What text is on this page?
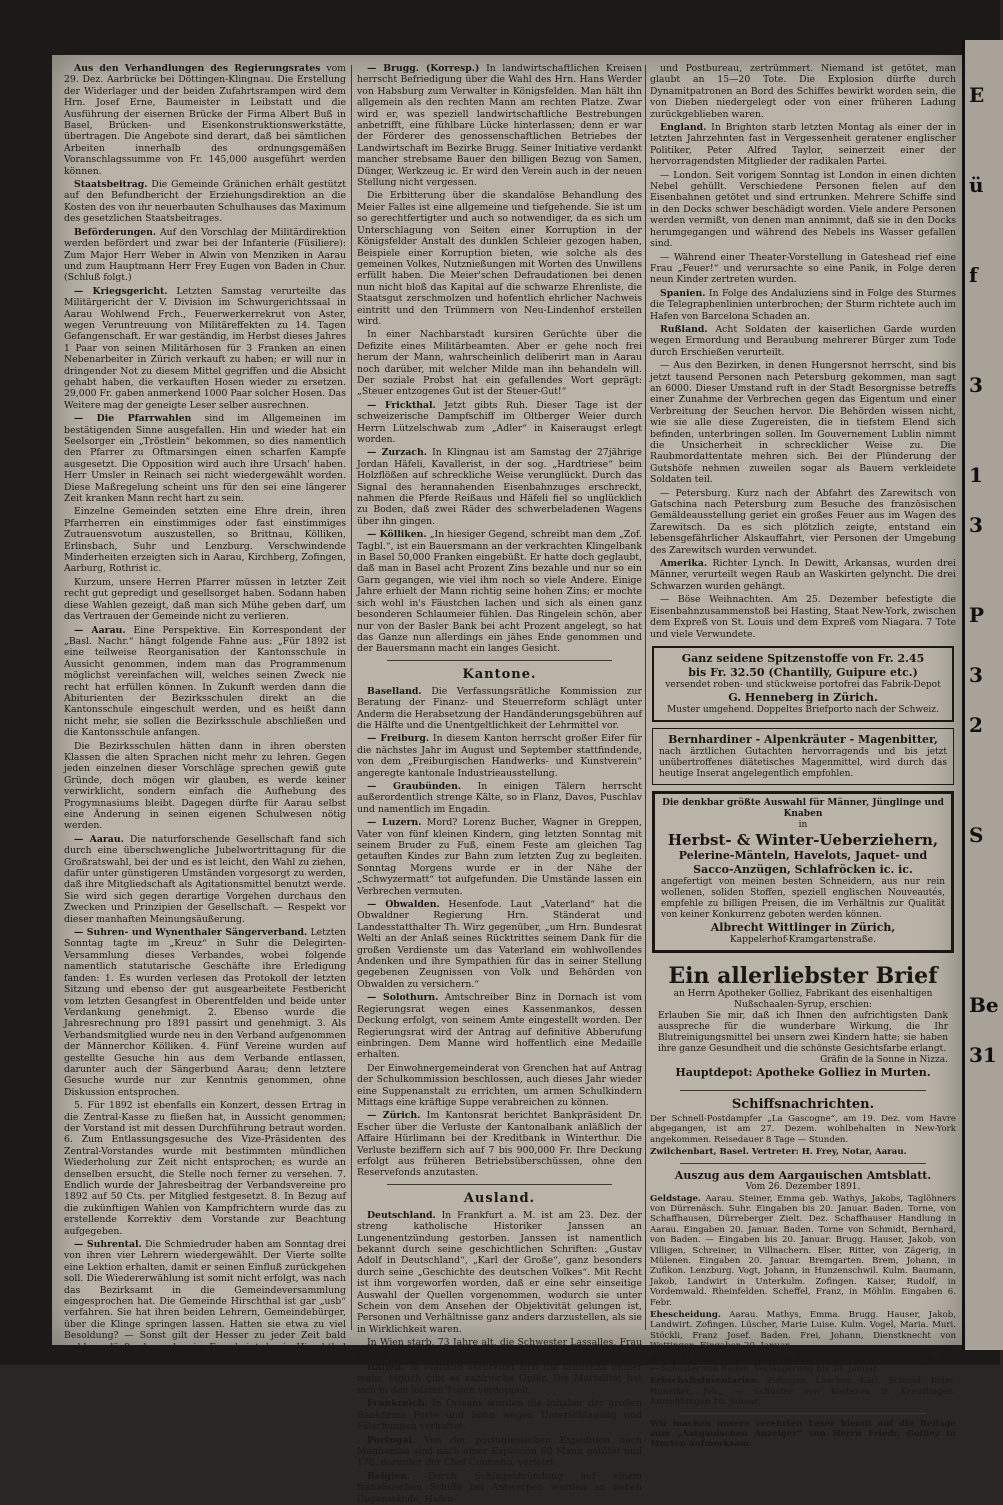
Aus den Verhandlungen des Regierungsrates vom 29. Dez. Aarbrücke bei Döttingen-Klingnau. Die Erstellung der Widerlager und der beiden Zufahrtsrampen wird dem Hrn. Josef Erne, Baumeister in Leibstatt und die Ausführung der eisernen Brücke der Firma Albert Buß in Basel, Brücken- und Eisenkonstruktionswerkstätte, übertragen. Die Angebote sind derart, daß bei sämtlichen Arbeiten innerhalb des ordnungsgemäßen Voranschlagssumme von Fr. 145,000 ausgeführt werden können.

Staatsbeitrag. Die Gemeinde Gränichen erhält gestützt auf den Befundbericht der Erziehungsdirektion an die Kosten des von ihr neuerbauten Schulhauses das Maximum des gesetzlichen Staatsbeitrages.

Beförderungen. Auf den Vorschlag der Militärdirektion werden befördert und zwar bei der Infanterie (Füsiliere): Zum Major Herr Weber in Alwin von Menziken in Aarau und zum Hauptmann Herr Frey Eugen von Baden in Chur. (Schluß folgt.)

— Kriegsgericht. Letzten Samstag verurteilte das Militärgericht der V. Division im Schwurgerichtssaal in Aarau Wohlwend Frch., Feuerwerkerrekrut von Aster, wegen Veruntreuung von Militäreffekten zu 14. Tagen Gefangenschaft. Er war geständig, im Herbst dieses Jahres 1 Paar von seinen Militärhosen für 3 Franken an einen Nebenarbeiter in Zürich verkauft zu haben; er will nur in dringender Not zu diesem Mittel gegriffen und die Absicht gehabt haben, die verkauften Hosen wieder zu ersetzen. 29,000 Fr. gaben anmerkend 1000 Paar solcher Hosen. Das Weitere mag der geneigte Leser selber ausrechnen.

— Die Pfarrwahlen sind im Allgemeinen im bestätigenden Sinne ausgefallen. Hin und wieder hat ein Seelsorger ein „Tröstlein“ bekommen, so dies namentlich den Pfarrer zu Oftmarsingen einen scharfen Kampfe ausgesetzt. Die Opposition wird auch ihre Ursach' haben. Herr Umsler in Reinach sei nicht wiedergewählt worden. Diese Maßregelung scheint uns für den sei eine längerer Zeit kranken Mann recht hart zu sein.

Einzelne Gemeinden setzten eine Ehre drein, ihren Pfarrherren ein einstimmiges oder fast einstimmiges Zutrauensvotum auszustellen, so Brittnau, Kölliken, Erlinsbach, Suhr und Lenzburg. Verschwindende Minderheiten erzeigten sich in Aarau, Kirchberg, Zofingen, Aarburg, Rothrist ic.

Kurzum, unsere Herren Pfarrer müssen in letzter Zeit recht gut gepredigt und gesellsorget haben. Sodann haben diese Wahlen gezeigt, daß man sich Mühe geben darf, um das Vertrauen der Gemeinde nicht zu verlieren.

— Aarau. Eine Perspektive. Ein Korrespondent der „Basl. Nachr.“ hängt folgende Fahne aus: „Für 1892 ist eine teilweise Reorganisation der Kantonsschule in Aussicht genommen, indem man das Programmenum möglichst vereinfachen will, welches seinen Zweck nie recht hat erfüllen können. In Zukunft werden dann die Abiturienten der Bezirksschulen direkt an die Kantonsschule eingeschult werden, und es heißt dann nicht mehr, sie sollen die Bezirksschule abschließen und die Kantonsschule anfangen.

Die Bezirksschulen hätten dann in ihren obersten Klassen die alten Sprachen nicht mehr zu lehren. Gegen jeden einzelnen dieser Vorschläge sprechen gewiß gute Gründe, doch mögen wir glauben, es werde keiner verwirklicht, sondern einfach die Aufhebung des Progymnasiums bleibt. Dagegen dürfte für Aarau selbst eine Änderung in seinen eigenen Schulwesen nötig werden.

— Aarau. Die naturforschende Gesellschaft fand sich durch eine überschwengliche Jubelwortrittagung für die Großratswahl, bei der und es ist leicht, den Wahl zu ziehen, dafür unter günstigeren Umständen vorgesorgt zu werden, daß ihre Mitgliedschaft als Agitationsmittel benutzt werde. Sie wird sich gegen derartige Vorgehen durchaus den Zwecken und Prinzipien der Gesellschaft. — Respekt vor dieser manhaften Meinungsäußerung.

— Suhren- und Wynenthaler Sängerverband. Letzten Sonntag tagte im „Kreuz“ in Suhr die Delegirten-Versammlung dieses Verbandes, wobei folgende namentlich statutarische Geschäfte ihre Erledigung fanden: 1. Es wurden verlesen das Protokoll der letzten Sitzung und ebenso der gut ausgearbeitete Festbericht vom letzten Gesangfest in Oberentfelden und beide unter Verdankung genehmigt. 2. Ebenso wurde die Jahresrechnung pro 1891 passirt und genehmigt. 3. Als Verbandsmitglied wurde neu in den Verband aufgenommen der Männerchor Kölliken. 4. Fünf Vereine wurden auf gestellte Gesuche hin aus dem Verbande entlassen, darunter auch der Sängerbund Aarau; denn letztere Gesuche wurde nur zur Kenntnis genommen, ohne Diskussion entsprochen.

5. Für 1892 ist ebenfalls ein Konzert, dessen Ertrag in die Zentral-Kasse zu fließen hat, in Aussicht genommen; der Vorstand ist mit dessen Durchführung betraut worden. 6. Zum Entlassungsgesuche des Vize-Präsidenten des Zentral-Vorstandes wurde mit bestimmten mündlichen Wiederholung zur Zeit nicht entsprochen; es wurde an denselben ersucht, die Stelle noch ferner zu versehen. 7. Endlich wurde der Jahresbeitrag der Verbandsvereine pro 1892 auf 50 Cts. per Mitglied festgesetzt. 8. In Bezug auf die zukünftigen Wahlen von Kampfrichtern wurde das zu erstellende Korrektiv dem Vorstande zur Beachtung aufgegeben.

— Suhrental. Die Schmiedruder haben am Sonntag drei von ihren vier Lehrern wiedergewählt. Der Vierte sollte eine Lektion erhalten, damit er seinen Einfluß zurückgehen soll. Die Wiedererwählung ist somit nicht erfolgt, was nach das Bezirksamt in die Gemeindeversammlung eingesprochen hat. Die Gemeinde Hirschthal ist gar „usb“ verfahren. Sie hat ihren beiden Lehrern, Gemeindebürger, über die Klinge springen lassen. Hatten sie etwa zu viel Besoldung? — Sonst gilt der Hesser zu jeder Zeit bald wohl, er dürfte darnach sein. Es scheint das in Hirschthal nicht zuzutreffen.

— Brugg. (Korresp.) In landwirtschaftlichen Kreisen herrscht Befriedigung über die Wahl des Hrn. Hans Werder von Habsburg zum Verwalter in Königsfelden. Man hält ihn allgemein als den rechten Mann am rechten Platze. Zwar wird er, was speziell landwirtschaftliche Bestrebungen anbetrifft, eine fühlbare Lücke hinterlassen; denn er war der Förderer des genossenschaftlichen Betriebes der Landwirtschaft im Bezirke Brugg. Seiner Initiative verdankt mancher strebsame Bauer den billigen Bezug von Samen, Dünger, Werkzeug ic. Er wird den Verein auch in der neuen Stellung nicht vergessen.

Die Erbitterung über die skandalöse Behandlung des Meier Falles ist eine allgemeine und tiefgehende. Sie ist um so gerechtfertigter und auch so notwendiger, da es sich um Unterschlagung von Seiten einer Korruption in der Königsfelder Anstalt des dunklen Schleier gezogen haben, Beispiele einer Korruption bieten, wie solche als des gemeinen Volkes, Nutznießungen mit Worten des Unwillens erfüllt haben. Die Meier'schen Defraudationen bei denen nun nicht bloß das Kapital auf die schwarze Ehrenliste, die Staatsgut zerschmolzen und hofentlich ehrlicher Nachweis eintritt und den Trümmern von Neu-Lindenhof erstellen wird.

In einer Nachbarstadt kursiren Gerüchte über die Defizite eines Militärbeamten. Aber er gehe noch frei herum der Mann, wahrscheinlich deliberirt man in Aarau noch darüber, mit welcher Milde man ihn behandeln will. Der soziale Probst hat ein gefallendes Wort geprägt: „Steuer entzogenes Gut ist der Steuer-Gut!“

— Frickthal. Jetzt gibts Ruh. Dieser Tage ist der schweizerische Dampfschiff im Oltberger Weier durch Herrn Lützelschwab zum „Adler“ in Kaiseraugst erlegt worden.

— Zurzach. In Klingnau ist am Samstag der 27jährige Jordan Häfeli, Kavallerist, in der sog. „Hardtriese“ beim Holzflößen auf schreckliche Weise verunglückt. Durch das Signal des herannahenden Eisenbahnzuges erschreckt, nahmen die Pferde Reißaus und Häfeli fiel so unglücklich zu Boden, daß zwei Räder des schwerbeladenen Wagens über ihn gingen.

— Kölliken. „In hiesiger Gegend, schreibt man dem „Zof. Tagbl.“, ist ein Bauersmann an der verkrachten Klingelbank in Basel 50,000 Franken eingebüßt. Er hatte doch geglaubt, daß man in Basel acht Prozent Zins bezahle und nur so ein Garn gegangen, wie viel ihm noch so viele Andere. Einige Jahre erhielt der Mann richtig seine hohen Zins; er mochte sich wohl in's Fäustchen lachen und sich als einen ganz besonderen Schlaumeier fühlen. Das Ringelein schön, aber nur von der Basler Bank bei acht Prozent angelegt, so hat das Ganze nun allerdings ein jähes Ende genommen und der Bauersmann macht ein langes Gesicht.

Kantone.

Baselland. Die Verfassungsrätliche Kommission zur Beratung der Finanz- und Steuerreform schlägt unter Anderm die Herabsetzung der Handänderungsgebühren auf die Hälfte und die Unentgeltlichkeit der Lehrmittel vor.

— Freiburg. In diesem Kanton herrscht großer Eifer für die nächstes Jahr im August und September stattfindende, von dem „Freiburgischen Handwerks- und Kunstverein“ angeregte kantonale Industrieausstellung.

— Graubünden. In einigen Tälern herrscht außerordentlich strenge Kälte, so in Flanz, Davos, Puschlav und namentlich im Engadin.

— Luzern. Mord? Lorenz Bucher, Wagner in Greppen, Vater von fünf kleinen Kindern, ging letzten Sonntag mit seinem Bruder zu Fuß, einem Feste am gleichen Tag getauften Kindes zur Bahn zum letzten Zug zu begleiten. Sonntag Morgens wurde er in der Nähe der „Schwyzermatt“ tot aufgefunden. Die Umstände lassen ein Verbrechen vermuten.

— Obwalden. Hesenfode. Laut „Vaterland“ hat die Obwaldner Regierung Hrn. Ständerat und Landesstatthalter Th. Wirz gegenüber, „um Hrn. Bundesrat Welti an der Anlaß seines Rücktrittes seinem Dank für die großen Verdienste um das Vaterland ein wohlwollendes Andenken und ihre Sympathien für das in seiner Stellung gegebenen Zeugnissen von Volk und Behörden von Obwalden zu versichern.“

— Solothurn. Amtschreiber Binz in Dornach ist vom Regierungsrat wegen eines Kassenmankos, dessen Deckung erfolgt, von seinem Amte eingestellt worden. Der Regierungsrat wird der Antrag auf definitive Abberufung einbringen. Dem Manne wird hoffentlich eine Medaille erhalten.

Der Einwohnergemeinderat von Grenchen hat auf Antrag der Schulkommission beschlossen, auch dieses Jahr wieder eine Suppenanstalt zu errichten, um armen Schulkindern Mittags eine kräftige Suppe verabreichen zu können.

— Zürich. Im Kantonsrat berichtet Bankpräsident Dr. Escher über die Verluste der Kantonalbank anläßlich der Affaire Hürlimann bei der Kreditbank in Winterthur. Die Verluste beziffern sich auf 7 bis 900,000 Fr. Ihre Deckung erfolgt aus früheren Betriebsüberschüssen, ohne den Reservefonds anzutasten.

Ausland.

Deutschland. In Frankfurt a. M. ist am 23. Dez. der streng katholische Historiker Janssen an Lungenentzündung gestorben. Janssen ist namentlich bekannt durch seine geschichtlichen Schriften: „Gustav Adolf in Deutschland“, „Karl der Große“, ganz besonders durch seine „Geschichte des deutschen Volkes“. Mit Recht ist ihm vorgeworfen worden, daß er eine sehr einseitige Auswahl der Quellen vorgenommen, wodurch sie unter Schein von dem Ansehen der Objektivität gelungen ist, Personen und Verhältnisse ganz anders darzustellen, als sie in Wirklichkeit waren.

In Wien starb, 73 Jahre alt, die Schwester Lassalles, Frau Oberst Warefa.

Italien. In Mailand verbreitet sich die Influenza immer mehr, täglich gibt es zahlreiche Opfer. Die Mortalität hat sich in den letzten Tagen verdoppelt.

Frankreich. In Orleans wurden die Inhaber der großen Bankfirma Forte und Sohn wegen Unterschlagung und Fälschungen verhaftet.

Portugal. Von der portugiesischen Expedition nach Maghamba sind nach einer Explosion 60 Mann getötet und 170, darunter der Chef Coutinho, verletzt.

Belgien. Durch Schlagentzündung auf einem französischen Schiffe bei Antwerpen wurden an neben Gegenstände, Hafen-

und Postbureau, zertrümmert. Niemand ist getötet, man glaubt an 15—20 Tote. Die Explosion dürfte durch Dynamitpatronen an Bord des Schiffes bewirkt worden sein, die von Dieben niedergelegt oder von einer früheren Ladung zurückgeblieben waren.

England. In Brighton starb letzten Montag als einer der in letzten Jahrzehnten fast in Vergessenheit geratener englischer Politiker, Peter Alfred Taylor, seinerzeit einer der hervorragendsten Mitglieder der radikalen Partei.

— London. Seit vorigem Sonntag ist London in einen dichten Nebel gehüllt. Verschiedene Personen fielen auf den Eisenbahnen getötet und sind ertrunken. Mehrere Schiffe sind in den Docks schwer beschädigt worden. Viele andere Personen werden vermißt, von denen man annimmt, daß sie in den Docks herumgegangen und während des Nebels ins Wasser gefallen sind.

— Während einer Theater-Vorstellung in Gateshead rief eine Frau „Feuer!“ und verursachte so eine Panik, in Folge deren neun Kinder zertreten wurden.

Spanien. In Folge des Andaluziens sind in Folge des Sturmes die Telegraphenlinien unterbrochen; der Sturm richtete auch im Hafen von Barcelona Schaden an.

Rußland. Acht Soldaten der kaiserlichen Garde wurden wegen Ermordung und Beraubung mehrerer Bürger zum Tode durch Erschießen verurteilt.

— Aus den Bezirken, in denen Hungersnot herrscht, sind bis jetzt tausend Personen nach Petersburg gekommen, man sagt an 6000. Dieser Umstand ruft in der Stadt Besorgnisse betreffs einer Zunahme der Verbrechen gegen das Eigentum und einer Verbreitung der Seuchen hervor. Die Behörden wissen nicht, wie sie alle diese Zugereisten, die in tiefstem Elend sich befinden, unterbringen sollen. Im Gouvernement Lublin nimmt die Unsicherheit in schrecklicher Weise zu. Die Raubmordattentate mehren sich. Bei der Plünderung der Gutshöfe nehmen zuweilen sogar als Bauern verkleidete Soldaten teil.

— Petersburg. Kurz nach der Abfahrt des Zarewitsch von Gatschina nach Petersburg zum Besuche des französischen Gemäldeausstellung geriet ein großes Feuer aus im Wagen des Zarewitsch. Da es sich plötzlich zeigte, entstand ein lebensgefährlicher Alskauffahrt, vier Personen der Umgebung des Zarewitsch wurden verwundet.

Amerika. Richter Lynch. In Dewitt, Arkansas, wurden drei Männer, verurteilt wegen Raub an Waskirten gelyncht. Die drei Schwarzen wurden gehängt.

— Böse Weihnachten. Am 25. Dezember befestigte die Eisenbahnzusammenstoß bei Hasting, Staat New-York, zwischen dem Expreß von St. Louis und dem Expreß vom Niagara. 7 Tote und viele Verwundete.

Ganz seidene Spitzenstoffe von Fr. 2.45
bis Fr. 32.50 (Chantilly, Guipure etc.)
versendet roben- und stückweise portofrei das Fabrik-Depot
G. Henneberg in Zürich.
Muster umgehend. Doppeltes Briefporto nach der Schweiz.
Bernhardiner - Alpenkräuter - Magenbitter,
nach ärztlichen Gutachten hervorragends und bis jetzt unübertroffenes diätetisches Magenmittel, wird durch das heutige Inserat angelegentlich empfohlen.
Die denkbar größte Auswahl für Männer, Jünglinge und Knaben
in
Herbst- & Winter-Ueberziehern,
Pelerine-Mänteln, Havelots, Jaquet- und Sacco-Anzügen, Schlafröcken ic. ic.
angefertigt von meinen besten Schneidern, aus nur rein wollenen, soliden Stoffen, speziell englischen Nouveautés, empfehle zu billigen Preisen, die im Verhältnis zur Qualität von keiner Konkurrenz geboten werden können.
Albrecht Wittlinger in Zürich,
Kappelerhof-Kramgartenstraße.
Ein allerliebster Brief
an Herrn Apotheker Golliez, Fabrikant des eisenhaltigen Nußschaalen-Syrup, erschien:
Erlauben Sie mir, daß ich Ihnen den aufrichtigsten Dank ausspreche für die wunderbare Wirkung, die Ihr Blutreinigungsmittel bei unsern zwei Kindern hatte; sie haben ihre ganze Gesundheit und die schönste Gesichtsfarbe erlangt.
Gräfin de la Sonne in Nizza.
Hauptdepot: Apotheke Golliez in Murten.
Schiffsnachrichten.

Der Schnell-Postdampfer „La Gascogne“, am 19. Dez. vom Havre abgegangen, ist am 27. Dezem. wohlbehalten in New-York angekommen. Reisedauer 8 Tage — Stunden.

Zwilchenbart, Basel. Vertreter: H. Frey, Notar, Aarau.

Auszug aus dem Aargauischen Amtsblatt.
Vom 26. Dezember 1891.

Geldstage. Aarau. Steiner, Emma geb. Wathys, Jakobs, Taglöhners von Dürrenäsch. Suhr. Eingaben bis 20. Januar. Baden. Torne, von Schaffhausen, Dürreberger Zielt. Dez. Schaffhauser Handlung in Aarau. Eingaben 20. Januar. Baden. Torne von Schmidt, Bernhard, von Baden. — Eingaben bis 20. Januar. Brugg. Hauser, Jakob, von Villigen, Schreiner, in Villnachern. Elser, Ritter, von Zägerig, in Mülenen. Eingaben 20. Januar. Bremgarten. Brem, Johann, in Zufikon. Lenzburg. Vogt, Johann, in Hunzenschwil. Kulm. Baumann, Jakob, Landwirt in Unterkulm. Zofingen. Kaiser, Rudolf, in Vordemwald. Rheinfelden. Scheffel, Franz, in Möhlin. Eingaben 6. Febr.

Ehescheidung. Aarau. Mathys, Emma. Brugg. Hauser, Jakob, Landwirt. Zofingen. Lüscher, Marie Luise. Kulm. Vogel, Maria. Muri. Stöckli, Franz Josef. Baden. Frei, Johann, Dienstknecht von Wettingen. Eingaben 20. Januar.

Wirtschaftsüberweiser. Aarau. Steiner, Joh. Baden. Kaufmann, Joh. — Schuster von Baden. Verlängerung bis 30. Januar.

Erbschaftsinventarien. Zofingen. Lüscher, Karl, Schmid. Kulm. Hunziker, Joh., — Schuster von Kosteron in Kreuzlingen. Anmeldungen 10. Januar.

Wir machen unsere verehrten Leser hiemit auf die Beilage zum „Aargauischen Anzeiger“ von Herrn Friedr. Golliez in Murten aufmerksam.

E
ü
f
3
1
3
P
3
2
S
Be
31
